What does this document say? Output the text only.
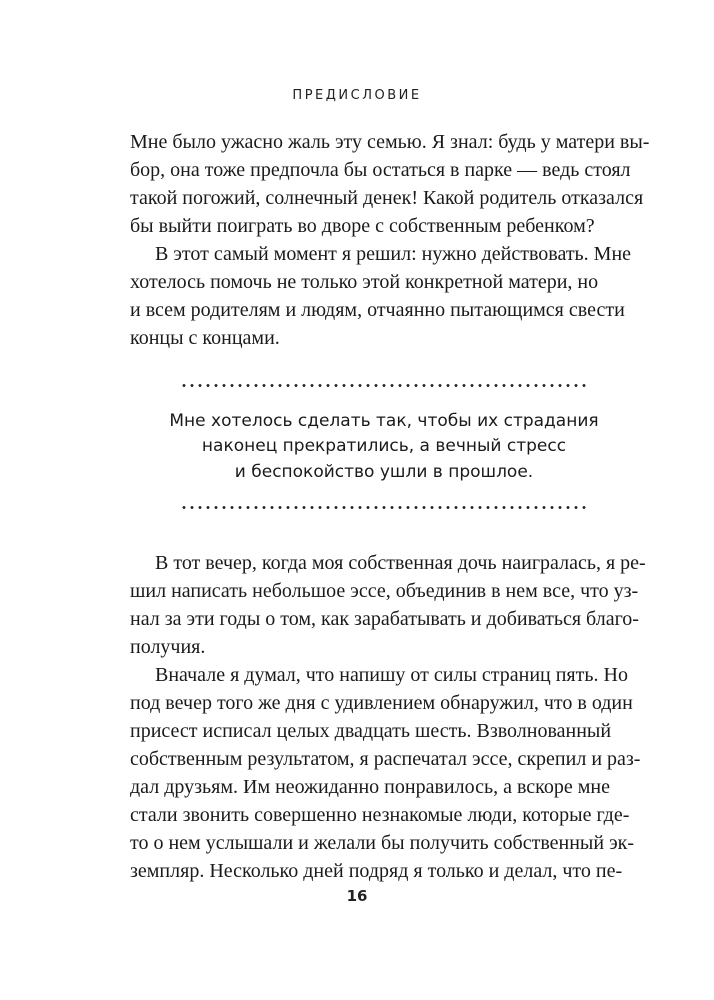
ПРЕДИСЛОВИЕ
Мне было ужасно жаль эту семью. Я знал: будь у матери вы-
бор, она тоже предпочла бы остаться в парке — ведь стоял
такой погожий, солнечный денек! Какой родитель отказался
бы выйти поиграть во дворе с собственным ребенком?
В этот самый момент я решил: нужно действовать. Мне
хотелось помочь не только этой конкретной матери, но
и всем родителям и людям, отчаянно пытающимся свести
концы с концами.
Мне хотелось сделать так, чтобы их страдания
наконец прекратились, а вечный стресс
и беспокойство ушли в прошлое.
В тот вечер, когда моя собственная дочь наигралась, я ре-
шил написать небольшое эссе, объединив в нем все, что уз-
нал за эти годы о том, как зарабатывать и добиваться благо-
получия.
Вначале я думал, что напишу от силы страниц пять. Но
под вечер того же дня с удивлением обнаружил, что в один
присест исписал целых двадцать шесть. Взволнованный
собственным результатом, я распечатал эссе, скрепил и раз-
дал друзьям. Им неожиданно понравилось, а вскоре мне
стали звонить совершенно незнакомые люди, которые где-
то о нем услышали и желали бы получить собственный эк-
земпляр. Несколько дней подряд я только и делал, что пе-
16
